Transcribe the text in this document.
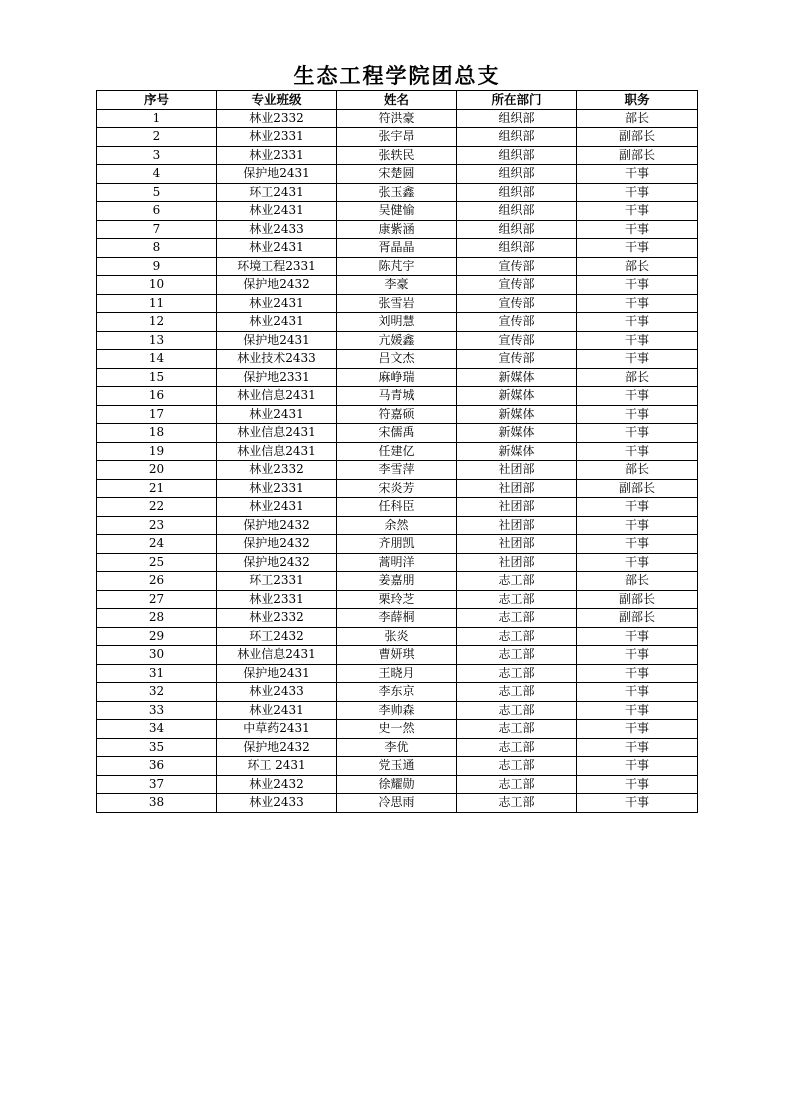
生态工程学院团总支
序号	专业班级	姓名	所在部门	职务
1	林业2332	符洪豪	组织部	部长
2	林业2331	张宇昂	组织部	副部长
3	林业2331	张轶民	组织部	副部长
4	保护地2431	宋楚圆	组织部	干事
5	环工2431	张玉鑫	组织部	干事
6	林业2431	吴健愉	组织部	干事
7	林业2433	康紫涵	组织部	干事
8	林业2431	胥晶晶	组织部	干事
9	环境工程2331	陈芃宇	宣传部	部长
10	保护地2432	李豪	宣传部	干事
11	林业2431	张雪岩	宣传部	干事
12	林业2431	刘明慧	宣传部	干事
13	保护地2431	亢媛鑫	宣传部	干事
14	林业技术2433	吕文杰	宣传部	干事
15	保护地2331	麻峥瑞	新媒体	部长
16	林业信息2431	马青城	新媒体	干事
17	林业2431	符嘉硕	新媒体	干事
18	林业信息2431	宋儒禹	新媒体	干事
19	林业信息2431	任建亿	新媒体	干事
20	林业2332	李雪萍	社团部	部长
21	林业2331	宋炎芳	社团部	副部长
22	林业2431	任科臣	社团部	干事
23	保护地2432	余然	社团部	干事
24	保护地2432	齐朋凯	社团部	干事
25	保护地2432	蒿明洋	社团部	干事
26	环工2331	姜嘉朋	志工部	部长
27	林业2331	栗玲芝	志工部	副部长
28	林业2332	李薛桐	志工部	副部长
29	环工2432	张炎	志工部	干事
30	林业信息2431	曹妍琪	志工部	干事
31	保护地2431	王晓月	志工部	干事
32	林业2433	李东京	志工部	干事
33	林业2431	李帅森	志工部	干事
34	中草药2431	史一然	志工部	干事
35	保护地2432	李优	志工部	干事
36	环工 2431	党玉通	志工部	干事
37	林业2432	徐耀勋	志工部	干事
38	林业2433	冷思雨	志工部	干事
